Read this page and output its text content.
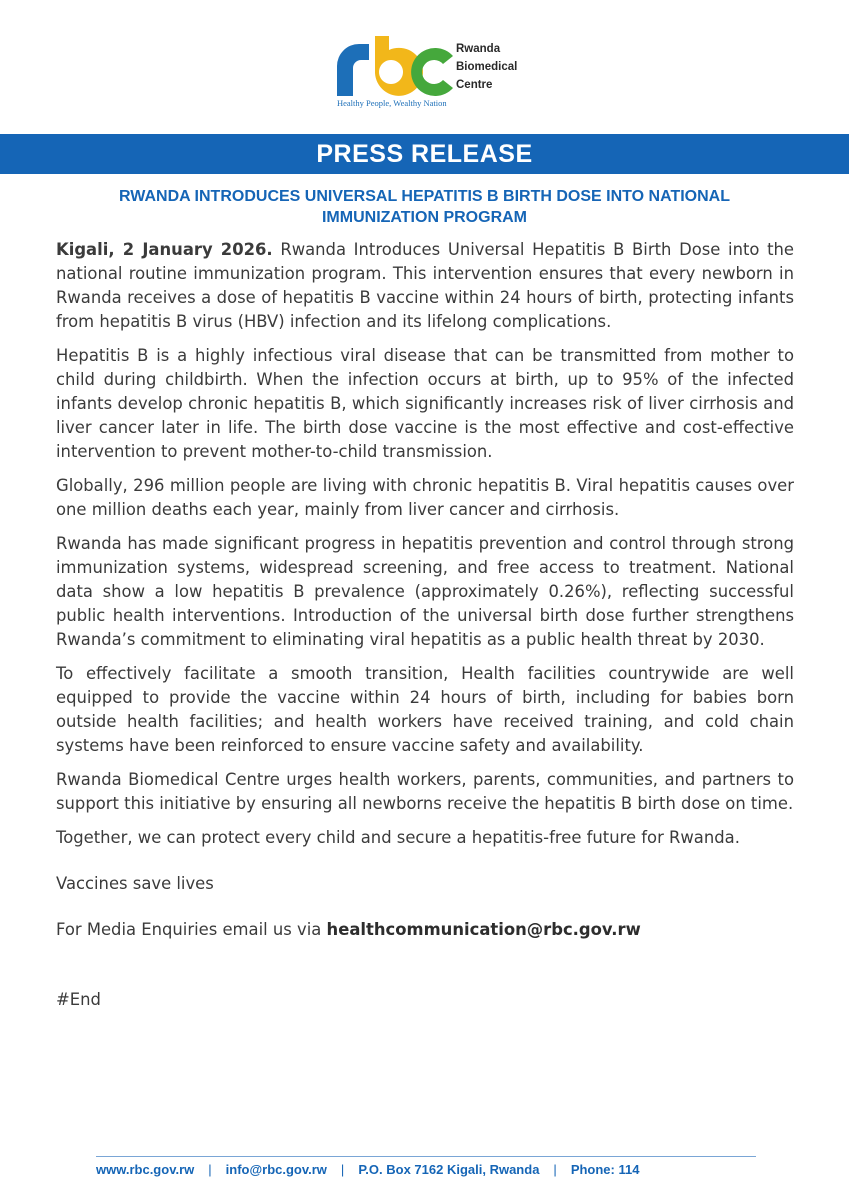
Rwanda
Biomedical
Centre
Healthy People, Wealthy Nation
PRESS RELEASE
RWANDA INTRODUCES UNIVERSAL HEPATITIS B BIRTH DOSE INTO NATIONAL IMMUNIZATION PROGRAM

Kigali, 2 January 2026. Rwanda Introduces Universal Hepatitis B Birth Dose into the national routine immunization program. This intervention ensures that every newborn in Rwanda receives a dose of hepatitis B vaccine within 24 hours of birth, protecting infants from hepatitis B virus (HBV) infection and its lifelong complications.

Hepatitis B is a highly infectious viral disease that can be transmitted from mother to child during childbirth. When the infection occurs at birth, up to 95% of the infected infants develop chronic hepatitis B, which significantly increases risk of liver cirrhosis and liver cancer later in life. The birth dose vaccine is the most effective and cost-effective intervention to prevent mother-to-child transmission.

Globally, 296 million people are living with chronic hepatitis B. Viral hepatitis causes over one million deaths each year, mainly from liver cancer and cirrhosis.

Rwanda has made significant progress in hepatitis prevention and control through strong immunization systems, widespread screening, and free access to treatment. National data show a low hepatitis B prevalence (approximately 0.26%), reflecting successful public health interventions. Introduction of the universal birth dose further strengthens Rwanda’s commitment to eliminating viral hepatitis as a public health threat by 2030.

To effectively facilitate a smooth transition, Health facilities countrywide are well equipped to provide the vaccine within 24 hours of birth, including for babies born outside health facilities; and health workers have received training, and cold chain systems have been reinforced to ensure vaccine safety and availability.

Rwanda Biomedical Centre urges health workers, parents, communities, and partners to support this initiative by ensuring all newborns receive the hepatitis B birth dose on time.

Together, we can protect every child and secure a hepatitis-free future for Rwanda.

Vaccines save lives

For Media Enquiries email us via healthcommunication@rbc.gov.rw

#End

www.rbc.gov.rw | info@rbc.gov.rw | P.O. Box 7162 Kigali, Rwanda | Phone: 114
